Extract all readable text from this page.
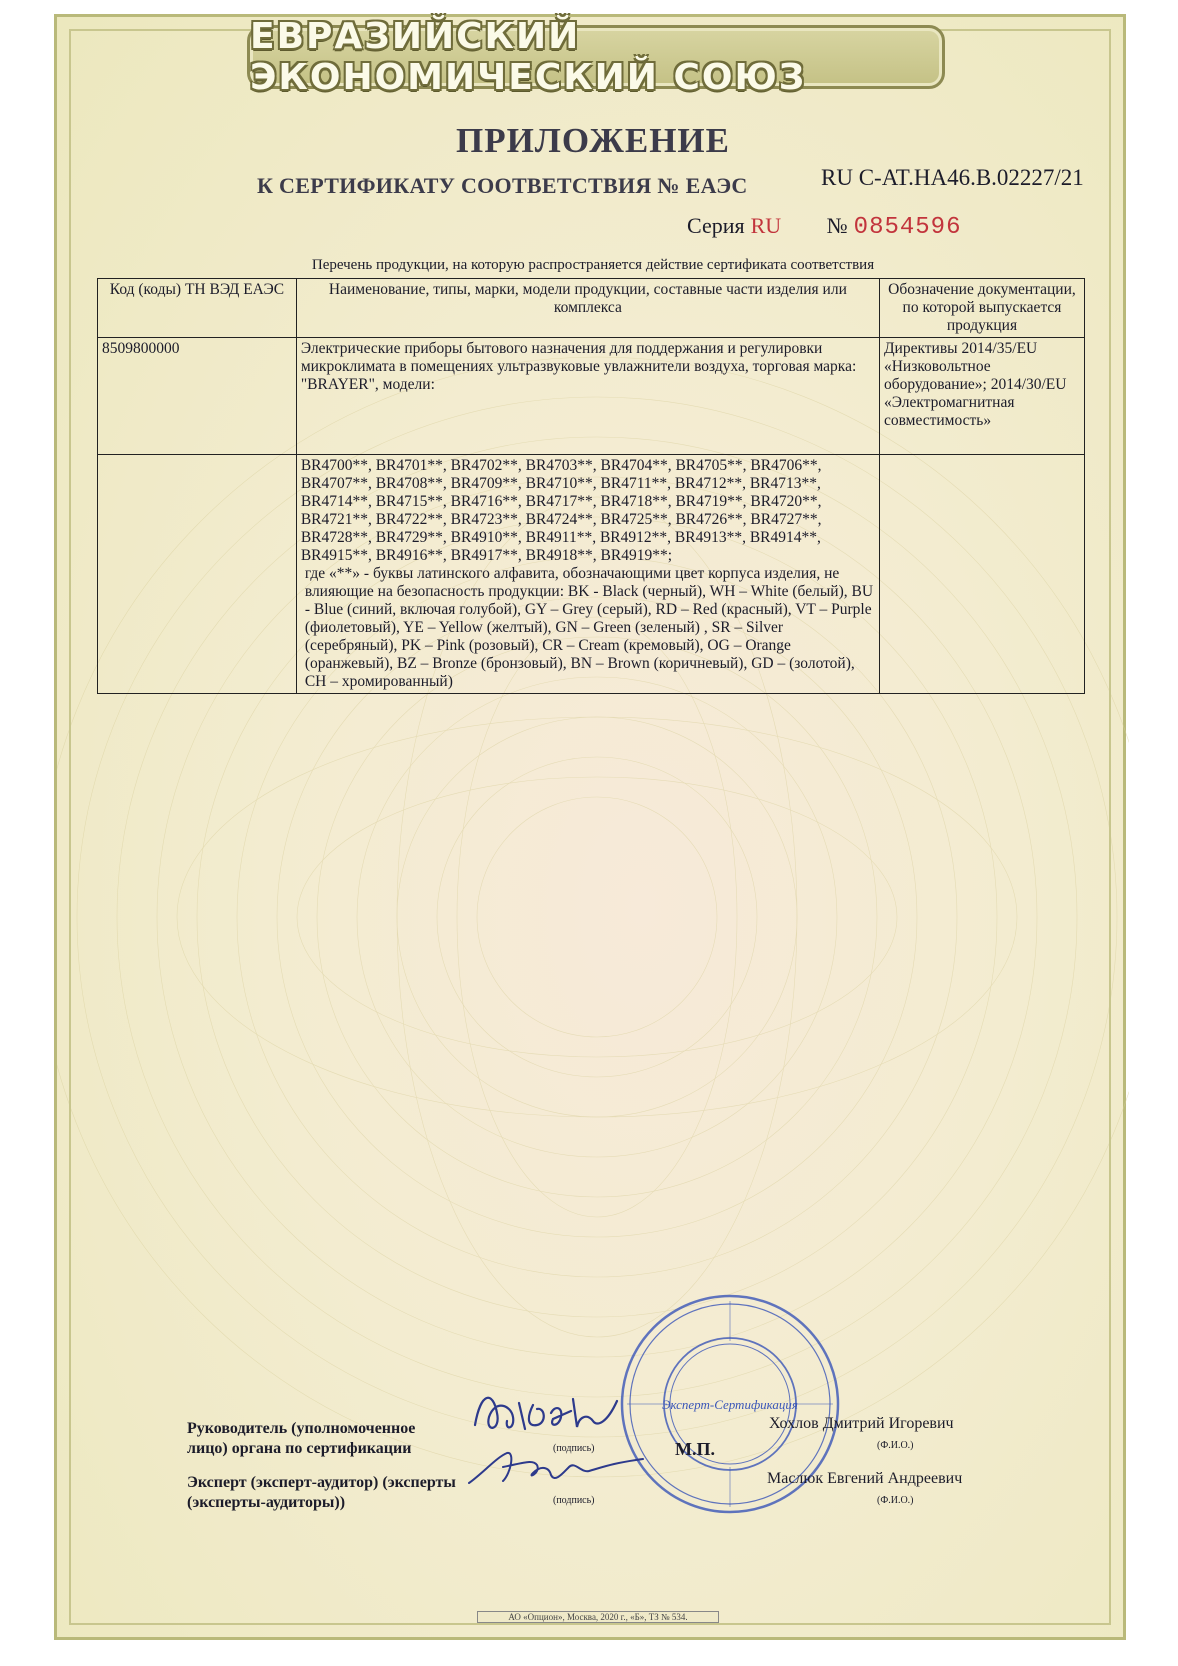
ЕВРАЗИЙСКИЙ ЭКОНОМИЧЕСКИЙ СОЮЗ
ПРИЛОЖЕНИЕ
К СЕРТИФИКАТУ СООТВЕТСТВИЯ № ЕАЭС	RU С-AT.НА46.В.02227/21
Серия RU № 0854596
Перечень продукции, на которую распространяется действие сертификата соответствия
Код (коды) ТН ВЭД ЕАЭС	Наименование, типы, марки, модели продукции, составные части изделия или комплекса	Обозначение документации, по которой выпускается продукция
8509800000	Электрические приборы бытового назначения для поддержания и регулировки микроклимата в помещениях ультразвуковые увлажнители воздуха, торговая марка: "BRAYER", модели:	Директивы 2014/35/EU «Низковольтное оборудование»; 2014/30/EU «Электромагнитная совместимость»

	BR4700**, BR4701**, BR4702**, BR4703**, BR4704**, BR4705**, BR4706**, BR4707**, BR4708**, BR4709**, BR4710**, BR4711**, BR4712**, BR4713**, BR4714**, BR4715**, BR4716**, BR4717**, BR4718**, BR4719**, BR4720**, BR4721**, BR4722**, BR4723**, BR4724**, BR4725**, BR4726**, BR4727**, BR4728**, BR4729**, BR4910**, BR4911**, BR4912**, BR4913**, BR4914**, BR4915**, BR4916**, BR4917**, BR4918**, BR4919**;
где «**» - буквы латинского алфавита, обозначающими цвет корпуса изделия, не влияющие на безопасность продукции: BK - Black (черный), WH – White (белый), BU - Blue (синий, включая голубой), GY – Grey (серый), RD – Red (красный), VT – Purple (фиолетовый), YE – Yellow (желтый), GN – Green (зеленый) , SR – Silver (серебряный), PK – Pink (розовый), CR – Cream (кремовый), OG – Orange (оранжевый), BZ – Bronze (бронзовый), BN – Brown (коричневый), GD – (золотой), CH – хромированный)	

Эксперт-Сертификация
Руководитель (уполномоченное лицо) органа по сертификации	(подпись)	М.П.
Хохлов Дмитрий Игоревич
(Ф.И.О.)
Эксперт (эксперт-аудитор) (эксперты (эксперты-аудиторы))	(подпись)
Маслюк Евгений Андреевич
(Ф.И.О.)
АО «Опцион», Москва, 2020 г., «Б», ТЗ № 534.
